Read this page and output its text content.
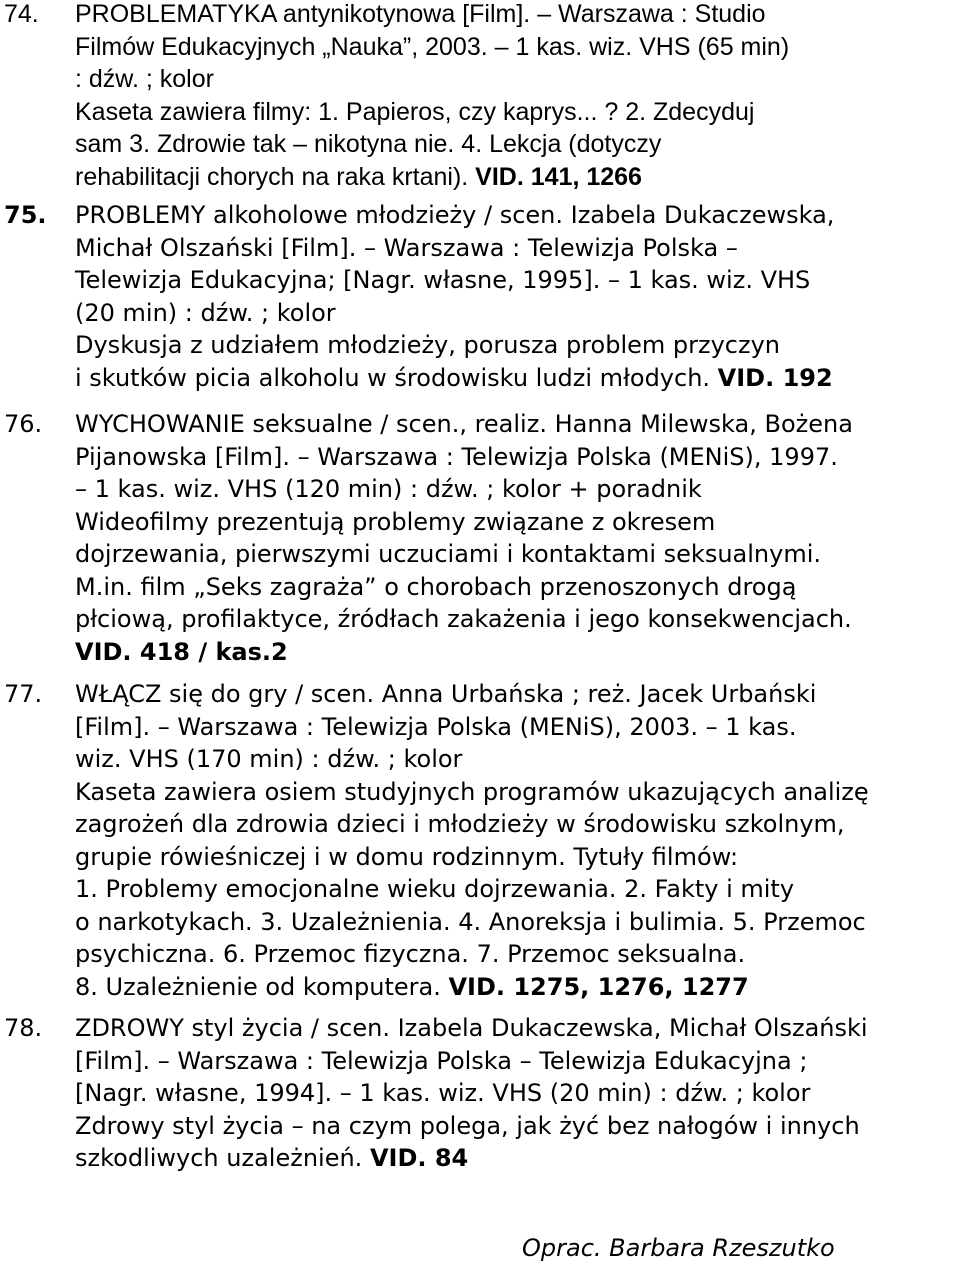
74. PROBLEMATYKA antynikotynowa [Film]. – Warszawa : Studio
Filmów Edukacyjnych „Nauka”, 2003. – 1 kas. wiz. VHS (65 min)
: dźw. ; kolor
Kaseta zawiera filmy: 1. Papieros, czy kaprys... ? 2. Zdecyduj
sam 3. Zdrowie tak – nikotyna nie. 4. Lekcja (dotyczy
rehabilitacji chorych na raka krtani). VID. 141, 1266
75. PROBLEMY alkoholowe młodzieży / scen. Izabela Dukaczewska,
Michał Olszański [Film]. – Warszawa : Telewizja Polska –
Telewizja Edukacyjna; [Nagr. własne, 1995]. – 1 kas. wiz. VHS
(20 min) : dźw. ; kolor
Dyskusja z udziałem młodzieży, porusza problem przyczyn
i skutków picia alkoholu w środowisku ludzi młodych. VID. 192
76. WYCHOWANIE seksualne / scen., realiz. Hanna Milewska, Bożena
Pijanowska [Film]. – Warszawa : Telewizja Polska (MENiS), 1997.
– 1 kas. wiz. VHS (120 min) : dźw. ; kolor + poradnik
Wideofilmy prezentują problemy związane z okresem
dojrzewania, pierwszymi uczuciami i kontaktami seksualnymi.
M.in. film „Seks zagraża” o chorobach przenoszonych drogą
płciową, profilaktyce, źródłach zakażenia i jego konsekwencjach.
VID. 418 / kas.2
77. WŁĄCZ się do gry / scen. Anna Urbańska ; reż. Jacek Urbański
[Film]. – Warszawa : Telewizja Polska (MENiS), 2003. – 1 kas.
wiz. VHS (170 min) : dźw. ; kolor
Kaseta zawiera osiem studyjnych programów ukazujących analizę
zagrożeń dla zdrowia dzieci i młodzieży w środowisku szkolnym,
grupie rówieśniczej i w domu rodzinnym. Tytuły filmów:
1. Problemy emocjonalne wieku dojrzewania. 2. Fakty i mity
o narkotykach. 3. Uzależnienia. 4. Anoreksja i bulimia. 5. Przemoc
psychiczna. 6. Przemoc fizyczna. 7. Przemoc seksualna.
8. Uzależnienie od komputera. VID. 1275, 1276, 1277
78. ZDROWY styl życia / scen. Izabela Dukaczewska, Michał Olszański
[Film]. – Warszawa : Telewizja Polska – Telewizja Edukacyjna ;
[Nagr. własne, 1994]. – 1 kas. wiz. VHS (20 min) : dźw. ; kolor
Zdrowy styl życia – na czym polega, jak żyć bez nałogów i innych
szkodliwych uzależnień. VID. 84
Oprac. Barbara Rzeszutko
